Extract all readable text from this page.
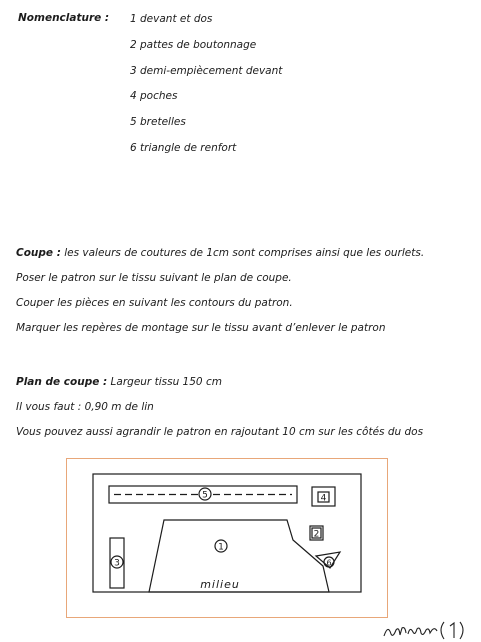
Nomenclature : 1 devant et dos
2 pattes de boutonnage
3 demi-empiècement devant
4 poches
5 bretelles
6 triangle de renfort
Coupe : les valeurs de coutures de 1cm sont comprises ainsi que les ourlets.
Poser le patron sur le tissu suivant le plan de coupe.
Couper les pièces en suivant les contours du patron.
Marquer les repères de montage sur le tissu avant d’enlever le patron
Plan de coupe : Largeur tissu 150 cm
Il vous faut : 0,90 m de lin
Vous pouvez aussi agrandir le patron en rajoutant 10 cm sur les côtés du dos
5	4
2
1
3	6
milieu
